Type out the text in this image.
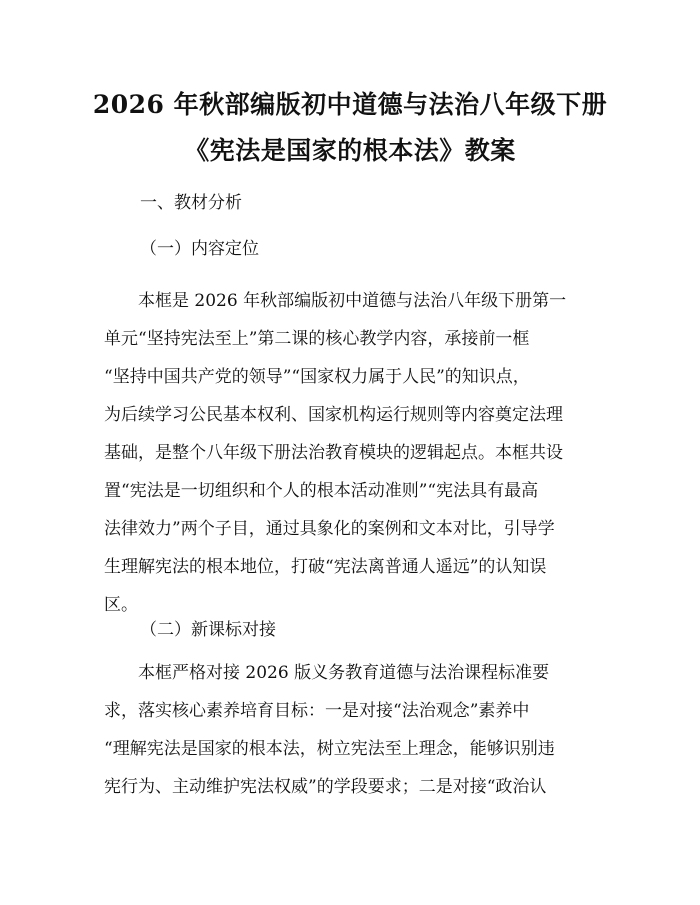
2026 年秋部编版初中道德与法治八年级下册
《宪法是国家的根本法》教案
一、教材分析
（一）内容定位
本框是 2026 年秋部编版初中道德与法治八年级下册第一
单元“坚持宪法至上”第二课的核心教学内容，承接前一框
“坚持中国共产党的领导”“国家权力属于人民”的知识点，
为后续学习公民基本权利、国家机构运行规则等内容奠定法理
基础，是整个八年级下册法治教育模块的逻辑起点。本框共设
置“宪法是一切组织和个人的根本活动准则”“宪法具有最高
法律效力”两个子目，通过具象化的案例和文本对比，引导学
生理解宪法的根本地位，打破“宪法离普通人遥远”的认知误
区。
（二）新课标对接
本框严格对接 2026 版义务教育道德与法治课程标准要
求，落实核心素养培育目标：一是对接“法治观念”素养中
“理解宪法是国家的根本法，树立宪法至上理念，能够识别违
宪行为、主动维护宪法权威”的学段要求；二是对接“政治认
